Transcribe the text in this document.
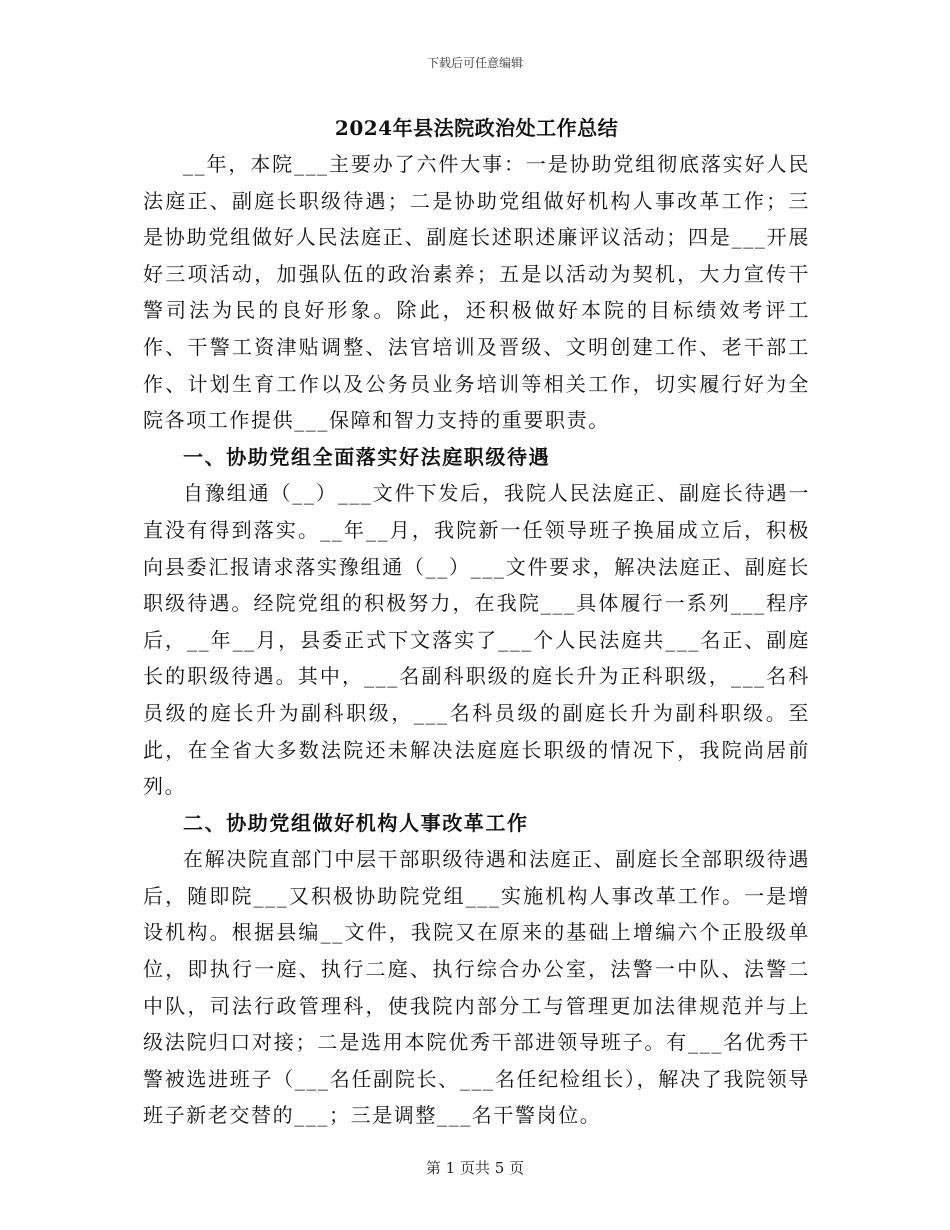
下载后可任意编辑
2024年县法院政治处工作总结

__年，本院___主要办了六件大事：一是协助党组彻底落实好人民法庭正、副庭长职级待遇；二是协助党组做好机构人事改革工作；三是协助党组做好人民法庭正、副庭长述职述廉评议活动；四是___开展好三项活动，加强队伍的政治素养；五是以活动为契机，大力宣传干警司法为民的良好形象。除此，还积极做好本院的目标绩效考评工作、干警工资津贴调整、法官培训及晋级、文明创建工作、老干部工作、计划生育工作以及公务员业务培训等相关工作，切实履行好为全院各项工作提供___保障和智力支持的重要职责。

一、协助党组全面落实好法庭职级待遇

自豫组通（__）___文件下发后，我院人民法庭正、副庭长待遇一直没有得到落实。__年__月，我院新一任领导班子换届成立后，积极向县委汇报请求落实豫组通（__）___文件要求，解决法庭正、副庭长职级待遇。经院党组的积极努力，在我院___具体履行一系列___程序后，__年__月，县委正式下文落实了___个人民法庭共___名正、副庭长的职级待遇。其中，___名副科职级的庭长升为正科职级，___名科员级的庭长升为副科职级，___名科员级的副庭长升为副科职级。至此，在全省大多数法院还未解决法庭庭长职级的情况下，我院尚居前列。

二、协助党组做好机构人事改革工作

在解决院直部门中层干部职级待遇和法庭正、副庭长全部职级待遇后，随即院___又积极协助院党组___实施机构人事改革工作。一是增设机构。根据县编__文件，我院又在原来的基础上增编六个正股级单位，即执行一庭、执行二庭、执行综合办公室，法警一中队、法警二中队，司法行政管理科，使我院内部分工与管理更加法律规范并与上级法院归口对接；二是选用本院优秀干部进领导班子。有___名优秀干警被选进班子（___名任副院长、___名任纪检组长），解决了我院领导班子新老交替的___；三是调整___名干警岗位。

第 1 页共 5 页
